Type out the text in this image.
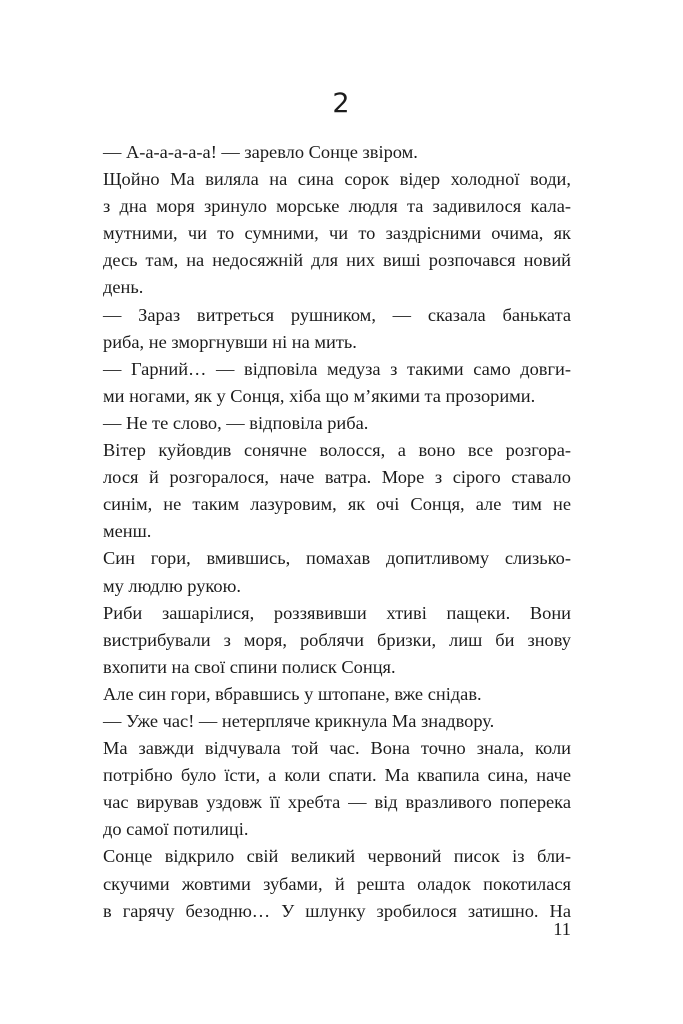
2
— А-а-а-а-а-а! — заревло Сонце звіром.
Щойно Ма виляла на сина сорок відер холодної води,
з дна моря зринуло морське людля та задивилося кала-
мутними, чи то сумними, чи то заздрісними очима, як
десь там, на недосяжній для них виші розпочався новий
день.
— Зараз витреться рушником, — сказала баньката
риба, не зморгнувши ні на мить.
— Гарний… — відповіла медуза з такими само довги-
ми ногами, як у Сонця, хіба що м’якими та прозорими.
— Не те слово, — відповіла риба.
Вітер куйовдив сонячне волосся, а воно все розгора-
лося й розгоралося, наче ватра. Море з сірого ставало
синім, не таким лазуровим, як очі Сонця, але тим не
менш.
Син гори, вмившись, помахав допитливому слизько-
му людлю рукою.
Риби зашарілися, роззявивши хтиві пащеки. Вони
вистрибували з моря, роблячи бризки, лиш би знову
вхопити на свої спини полиск Сонця.
Але син гори, вбравшись у штопане, вже снідав.
— Уже час! — нетерпляче крикнула Ма знадвору.
Ма завжди відчувала той час. Вона точно знала, коли
потрібно було їсти, а коли спати. Ма квапила сина, наче
час вирував уздовж її хребта — від вразливого поперека
до самої потилиці.
Сонце відкрило свій великий червоний писок із бли-
скучими жовтими зубами, й решта оладок покотилася
в гарячу безодню… У шлунку зробилося затишно. На
11
